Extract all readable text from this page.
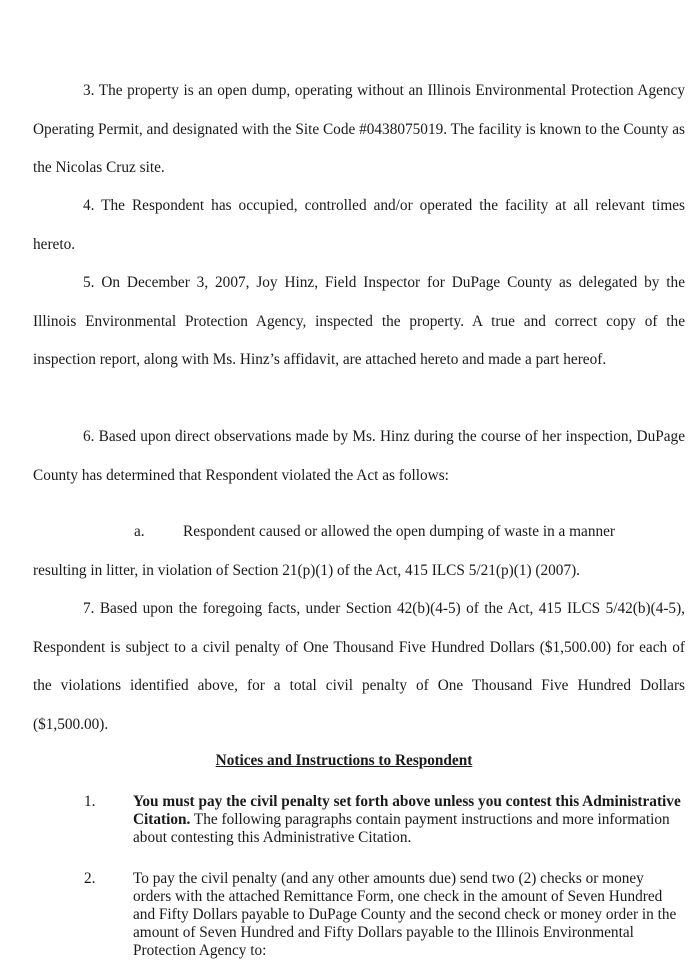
3. The property is an open dump, operating without an Illinois Environmental Protection Agency Operating Permit, and designated with the Site Code #0438075019. The facility is known to the County as the Nicolas Cruz site.
4. The Respondent has occupied, controlled and/or operated the facility at all relevant times hereto.
5. On December 3, 2007, Joy Hinz, Field Inspector for DuPage County as delegated by the Illinois Environmental Protection Agency, inspected the property. A true and correct copy of the inspection report, along with Ms. Hinz’s affidavit, are attached hereto and made a part hereof.
6. Based upon direct observations made by Ms. Hinz during the course of her inspection, DuPage County has determined that Respondent violated the Act as follows:
a.	Respondent caused or allowed the open dumping of waste in a manner
resulting in litter, in violation of Section 21(p)(1) of the Act, 415 ILCS 5/21(p)(1) (2007).
7. Based upon the foregoing facts, under Section 42(b)(4-5) of the Act, 415 ILCS 5/42(b)(4-5), Respondent is subject to a civil penalty of One Thousand Five Hundred Dollars ($1,500.00) for each of the violations identified above, for a total civil penalty of One Thousand Five Hundred Dollars ($1,500.00).
Notices and Instructions to Respondent
1.	You must pay the civil penalty set forth above unless you contest this Administrative Citation. The following paragraphs contain payment instructions and more information about contesting this Administrative Citation.
2.	To pay the civil penalty (and any other amounts due) send two (2) checks or money orders with the attached Remittance Form, one check in the amount of Seven Hundred and Fifty Dollars payable to DuPage County and the second check or money order in the amount of Seven Hundred and Fifty Dollars payable to the Illinois Environmental Protection Agency to:
